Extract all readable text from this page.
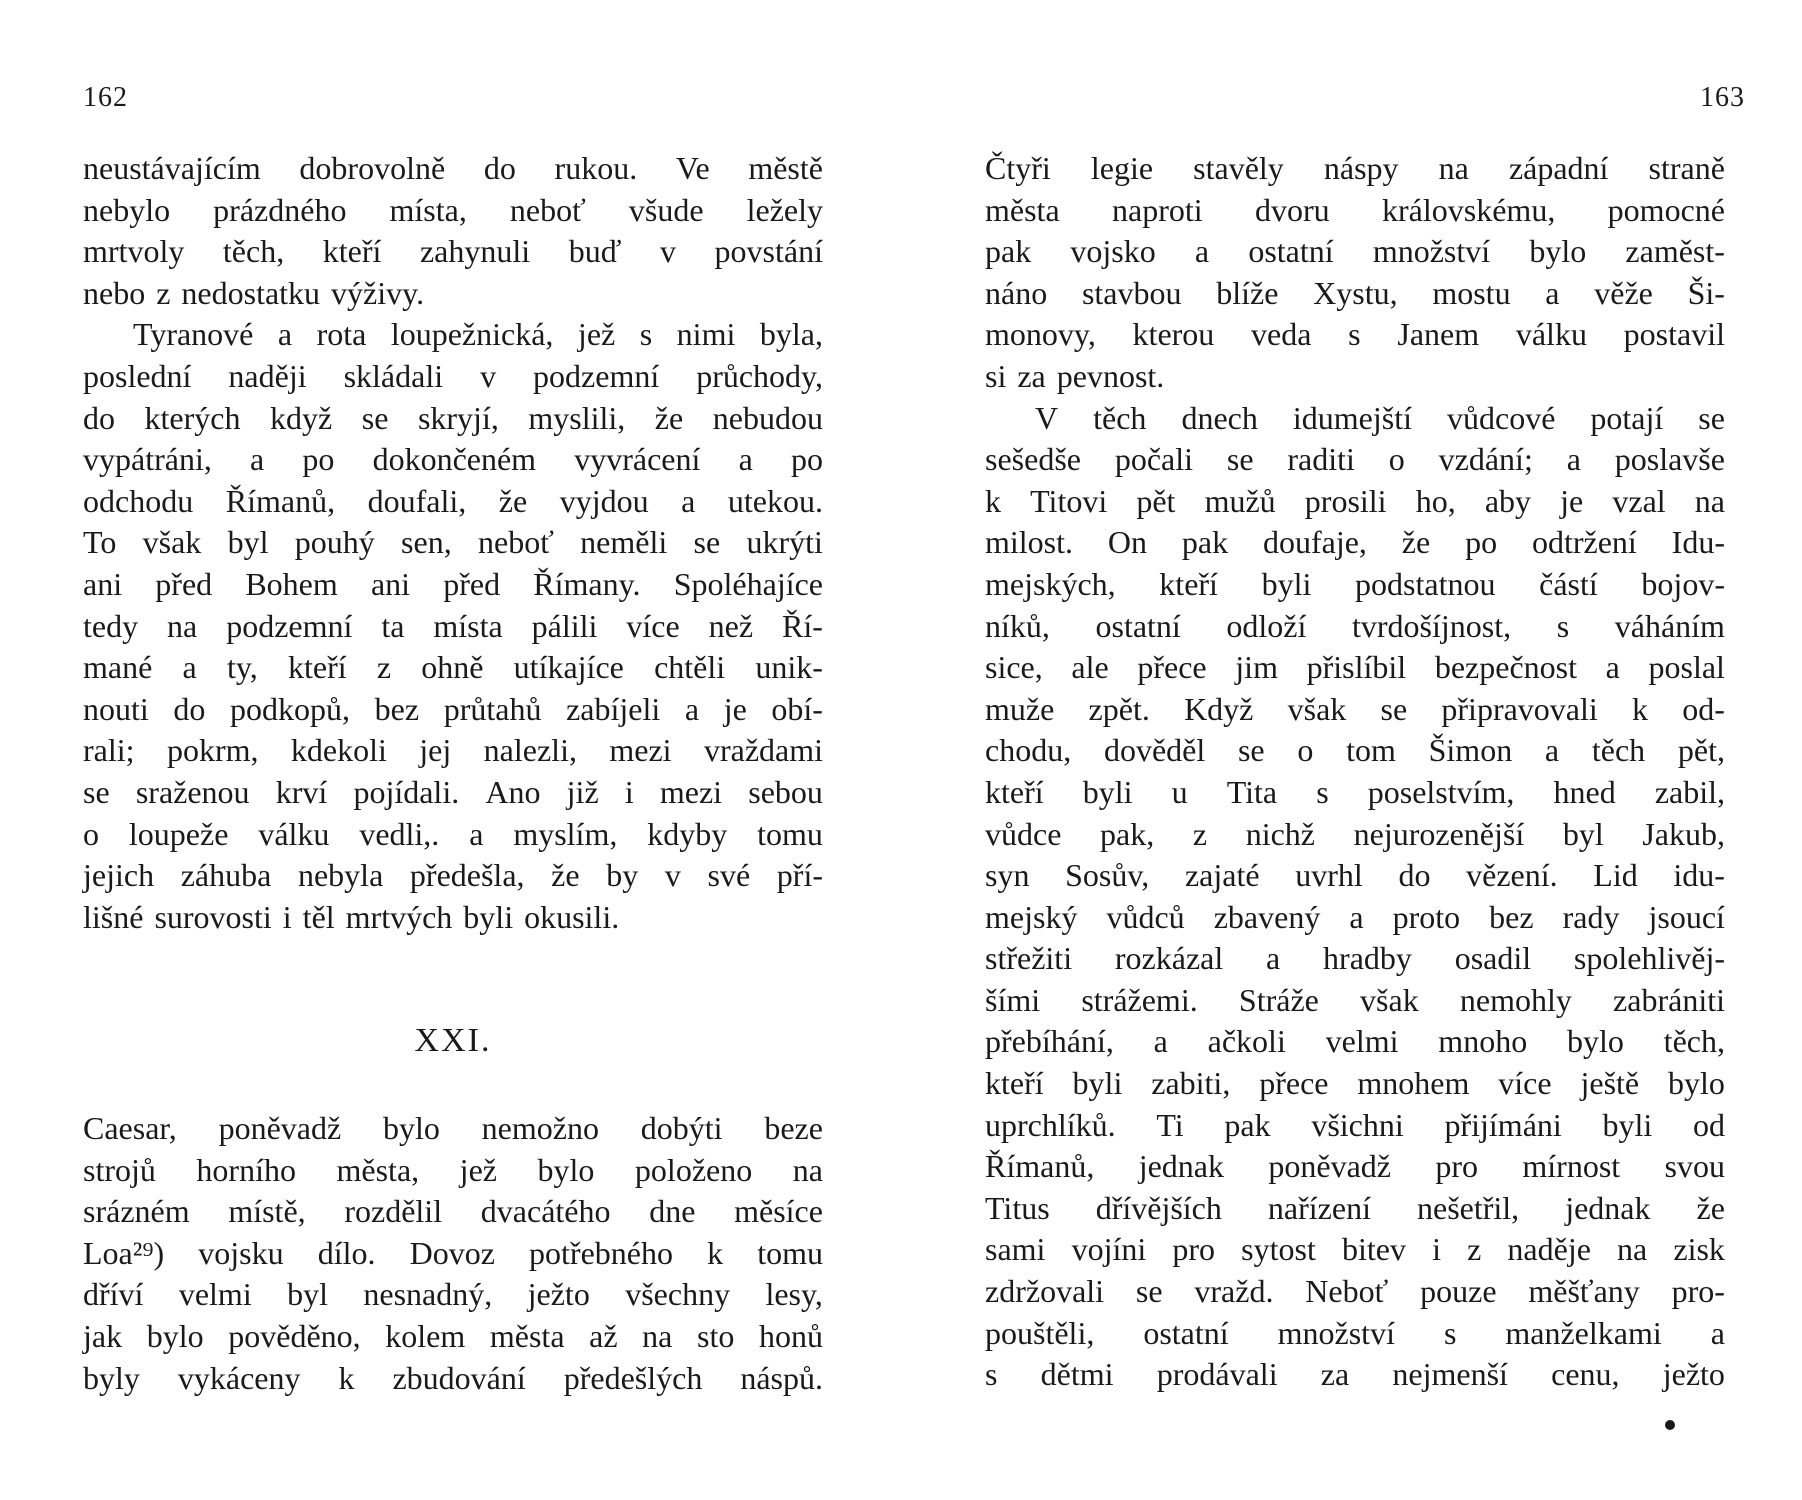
162
neustávajícím dobrovolně do rukou. Ve městě
nebylo prázdného místa, neboť všude ležely
mrtvoly těch, kteří zahynuli buď v povstání
nebo z nedostatku výživy.
Tyranové a rota loupežnická, jež s nimi byla,
poslední naději skládali v podzemní průchody,
do kterých když se skryjí, myslili, že nebudou
vypátráni, a po dokončeném vyvrácení a po
odchodu Římanů, doufali, že vyjdou a utekou.
To však byl pouhý sen, neboť neměli se ukrýti
ani před Bohem ani před Římany. Spoléhajíce
tedy na podzemní ta místa pálili více než Ří-
mané a ty, kteří z ohně utíkajíce chtěli unik-
nouti do podkopů, bez průtahů zabíjeli a je obí-
rali; pokrm, kdekoli jej nalezli, mezi vraždami
se sraženou krví pojídali. Ano již i mezi sebou
o loupeže válku vedli,. a myslím, kdyby tomu
jejich záhuba nebyla předešla, že by v své pří-
lišné surovosti i těl mrtvých byli okusili.
XXI.
Caesar, poněvadž bylo nemožno dobýti beze
strojů horního města, jež bylo položeno na
srázném místě, rozdělil dvacátého dne měsíce
Loa²⁹) vojsku dílo. Dovoz potřebného k tomu
dříví velmi byl nesnadný, ježto všechny lesy,
jak bylo pověděno, kolem města až na sto honů
byly vykáceny k zbudování předešlých náspů.
163
Čtyři legie stavěly náspy na západní straně
města naproti dvoru královskému, pomocné
pak vojsko a ostatní množství bylo zaměst-
náno stavbou blíže Xystu, mostu a věže Ši-
monovy, kterou veda s Janem válku postavil
si za pevnost.
V těch dnech idumejští vůdcové potají se
sešedše počali se raditi o vzdání; a poslavše
k Titovi pět mužů prosili ho, aby je vzal na
milost. On pak doufaje, že po odtržení Idu-
mejských, kteří byli podstatnou částí bojov-
níků, ostatní odloží tvrdošíjnost, s váháním
sice, ale přece jim přislíbil bezpečnost a poslal
muže zpět. Když však se připravovali k od-
chodu, dověděl se o tom Šimon a těch pět,
kteří byli u Tita s poselstvím, hned zabil,
vůdce pak, z nichž nejurozenější byl Jakub,
syn Sosův, zajaté uvrhl do vězení. Lid idu-
mejský vůdců zbavený a proto bez rady jsoucí
střežiti rozkázal a hradby osadil spolehlivěj-
šími strážemi. Stráže však nemohly zabrániti
přebíhání, a ačkoli velmi mnoho bylo těch,
kteří byli zabiti, přece mnohem více ještě bylo
uprchlíků. Ti pak všichni přijímáni byli od
Římanů, jednak poněvadž pro mírnost svou
Titus dřívějších nařízení nešetřil, jednak že
sami vojíni pro sytost bitev i z naděje na zisk
zdržovali se vražd. Neboť pouze měšťany pro-
pouštěli, ostatní množství s manželkami a
s dětmi prodávali za nejmenší cenu, ježto
